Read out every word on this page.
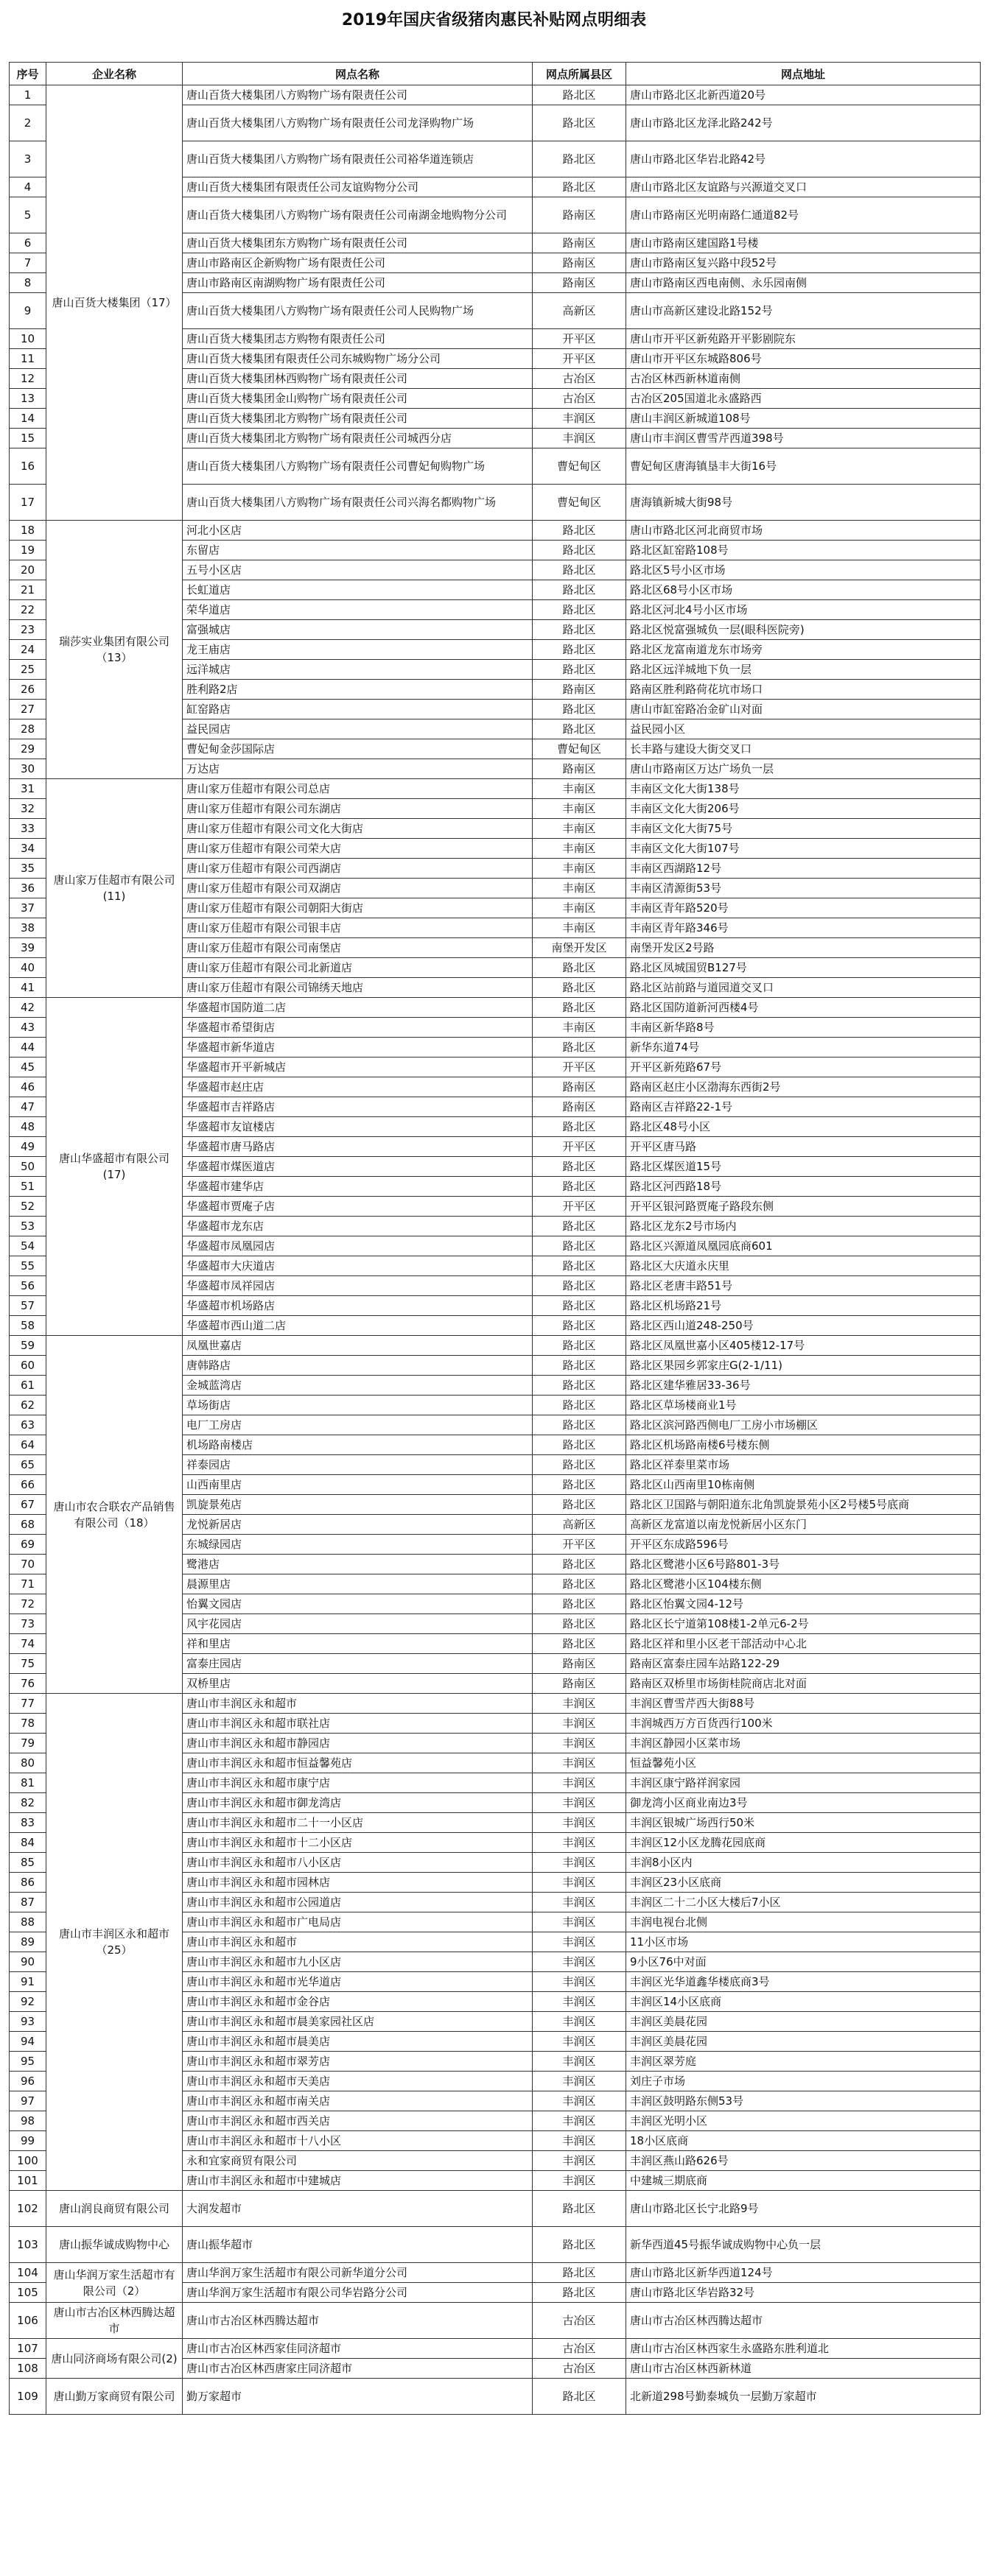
2019年国庆省级猪肉惠民补贴网点明细表
序号	企业名称	网点名称	网点所属县区	网点地址
1	唐山百货大楼集团（17）	唐山百货大楼集团八方购物广场有限责任公司	路北区	唐山市路北区北新西道20号
2		唐山百货大楼集团八方购物广场有限责任公司龙泽购物广场	路北区	唐山市路北区龙泽北路242号
3		唐山百货大楼集团八方购物广场有限责任公司裕华道连锁店	路北区	唐山市路北区华岩北路42号
4		唐山百货大楼集团有限责任公司友谊购物分公司	路北区	唐山市路北区友谊路与兴源道交叉口
5		唐山百货大楼集团八方购物广场有限责任公司南湖金地购物分公司	路南区	唐山市路南区光明南路仁通道82号
6		唐山百货大楼集团东方购物广场有限责任公司	路南区	唐山市路南区建国路1号楼
7		唐山市路南区企新购物广场有限责任公司	路南区	唐山市路南区复兴路中段52号
8		唐山市路南区南湖购物广场有限责任公司	路南区	唐山市路南区西电南侧、永乐园南侧
9		唐山百货大楼集团八方购物广场有限责任公司人民购物广场	高新区	唐山市高新区建设北路152号
10		唐山百货大楼集团志方购物有限责任公司	开平区	唐山市开平区新苑路开平影剧院东
11		唐山百货大楼集团有限责任公司东城购物广场分公司	开平区	唐山市开平区东城路806号
12		唐山百货大楼集团林西购物广场有限责任公司	古冶区	古冶区林西新林道南侧
13		唐山百货大楼集团金山购物广场有限责任公司	古冶区	古冶区205国道北永盛路西
14		唐山百货大楼集团北方购物广场有限责任公司	丰润区	唐山丰润区新城道108号
15		唐山百货大楼集团北方购物广场有限责任公司城西分店	丰润区	唐山市丰润区曹雪芹西道398号
16		唐山百货大楼集团八方购物广场有限责任公司曹妃甸购物广场	曹妃甸区	曹妃甸区唐海镇垦丰大街16号
17		唐山百货大楼集团八方购物广场有限责任公司兴海名都购物广场	曹妃甸区	唐海镇新城大街98号
18	瑞莎实业集团有限公司（13）	河北小区店	路北区	唐山市路北区河北商贸市场
19		东留店	路北区	路北区缸窑路108号
20		五号小区店	路北区	路北区5号小区市场
21		长虹道店	路北区	路北区68号小区市场
22		荣华道店	路北区	路北区河北4号小区市场
23		富强城店	路北区	路北区悦富强城负一层(眼科医院旁)
24		龙王庙店	路北区	路北区龙富南道龙东市场旁
25		远洋城店	路北区	路北区远洋城地下负一层
26		胜利路2店	路南区	路南区胜利路荷花坑市场口
27		缸窑路店	路北区	唐山市缸窑路冶金矿山对面
28		益民园店	路北区	益民园小区
29		曹妃甸金莎国际店	曹妃甸区	长丰路与建设大街交叉口
30		万达店	路南区	唐山市路南区万达广场负一层
31	唐山家万佳超市有限公司(11)	唐山家万佳超市有限公司总店	丰南区	丰南区文化大街138号
32		唐山家万佳超市有限公司东湖店	丰南区	丰南区文化大街206号
33		唐山家万佳超市有限公司文化大街店	丰南区	丰南区文化大街75号
34		唐山家万佳超市有限公司荣大店	丰南区	丰南区文化大街107号
35		唐山家万佳超市有限公司西湖店	丰南区	丰南区西湖路12号
36		唐山家万佳超市有限公司双湖店	丰南区	丰南区清源街53号
37		唐山家万佳超市有限公司朝阳大街店	丰南区	丰南区青年路520号
38		唐山家万佳超市有限公司银丰店	丰南区	丰南区青年路346号
39		唐山家万佳超市有限公司南堡店	南堡开发区	南堡开发区2号路
40		唐山家万佳超市有限公司北新道店	路北区	路北区凤城国贸B127号
41		唐山家万佳超市有限公司锦绣天地店	路北区	路北区站前路与道园道交叉口
42	唐山华盛超市有限公司(17)	华盛超市国防道二店	路北区	路北区国防道新河西楼4号
43		华盛超市希望街店	丰南区	丰南区新华路8号
44		华盛超市新华道店	路北区	新华东道74号
45		华盛超市开平新城店	开平区	开平区新苑路67号
46		华盛超市赵庄店	路南区	路南区赵庄小区渤海东西街2号
47		华盛超市吉祥路店	路南区	路南区吉祥路22-1号
48		华盛超市友谊楼店	路北区	路北区48号小区
49		华盛超市唐马路店	开平区	开平区唐马路
50		华盛超市煤医道店	路北区	路北区煤医道15号
51		华盛超市建华店	路北区	路北区河西路18号
52		华盛超市贾庵子店	开平区	开平区银河路贾庵子路段东侧
53		华盛超市龙东店	路北区	路北区龙东2号市场内
54		华盛超市凤凰园店	路北区	路北区兴源道凤凰园底商601
55		华盛超市大庆道店	路北区	路北区大庆道永庆里
56		华盛超市凤祥园店	路北区	路北区老唐丰路51号
57		华盛超市机场路店	路北区	路北区机场路21号
58		华盛超市西山道二店	路北区	路北区西山道248-250号
59	唐山市农合联农产品销售有限公司（18）	凤凰世嘉店	路北区	路北区凤凰世嘉小区405楼12-17号
60		唐韩路店	路北区	路北区果园乡郭家庄G(2-1/11)
61		金城蓝湾店	路北区	路北区建华雅居33-36号
62		草场街店	路北区	路北区草场楼商业1号
63		电厂工房店	路北区	路北区滨河路西侧电厂工房小市场棚区
64		机场路南楼店	路北区	路北区机场路南楼6号楼东侧
65		祥泰园店	路北区	路北区祥泰里菜市场
66		山西南里店	路北区	路北区山西南里10栋南侧
67		凯旋景苑店	路北区	路北区卫国路与朝阳道东北角凯旋景苑小区2号楼5号底商
68		龙悦新居店	高新区	高新区龙富道以南龙悦新居小区东门
69		东城绿园店	开平区	开平区东成路596号
70		鹭港店	路北区	路北区鹭港小区6号路801-3号
71		晨源里店	路北区	路北区鹭港小区104楼东侧
72		怡翼文园店	路北区	路北区怡翼文园4-12号
73		风宇花园店	路北区	路北区长宁道第108楼1-2单元6-2号
74		祥和里店	路北区	路北区祥和里小区老干部活动中心北
75		富泰庄园店	路南区	路南区富泰庄园车站路122-29
76		双桥里店	路南区	路南区双桥里市场街桂院商店北对面
77	唐山市丰润区永和超市（25）	唐山市丰润区永和超市	丰润区	丰润区曹雪芹西大街88号
78		唐山市丰润区永和超市联社店	丰润区	丰润城西万方百货西行100米
79		唐山市丰润区永和超市静园店	丰润区	丰润区静园小区菜市场
80		唐山市丰润区永和超市恒益馨苑店	丰润区	恒益馨苑小区
81		唐山市丰润区永和超市康宁店	丰润区	丰润区康宁路祥润家园
82		唐山市丰润区永和超市御龙湾店	丰润区	御龙湾小区商业南边3号
83		唐山市丰润区永和超市二十一小区店	丰润区	丰润区银城广场西行50米
84		唐山市丰润区永和超市十二小区店	丰润区	丰润区12小区龙腾花园底商
85		唐山市丰润区永和超市八小区店	丰润区	丰润8小区内
86		唐山市丰润区永和超市园林店	丰润区	丰润区23小区底商
87		唐山市丰润区永和超市公园道店	丰润区	丰润区二十二小区大楼后7小区
88		唐山市丰润区永和超市广电局店	丰润区	丰润电视台北侧
89		唐山市丰润区永和超市	丰润区	11小区市场
90		唐山市丰润区永和超市九小区店	丰润区	9小区76中对面
91		唐山市丰润区永和超市光华道店	丰润区	丰润区光华道鑫华楼底商3号
92		唐山市丰润区永和超市金谷店	丰润区	丰润区14小区底商
93		唐山市丰润区永和超市晨美家园社区店	丰润区	丰润区美晨花园
94		唐山市丰润区永和超市晨美店	丰润区	丰润区美晨花园
95		唐山市丰润区永和超市翠芳店	丰润区	丰润区翠芳庭
96		唐山市丰润区永和超市天美店	丰润区	刘庄子市场
97		唐山市丰润区永和超市南关店	丰润区	丰润区鼓明路东侧53号
98		唐山市丰润区永和超市西关店	丰润区	丰润区光明小区
99		唐山市丰润区永和超市十八小区	丰润区	18小区底商
100		永和宜家商贸有限公司	丰润区	丰润区燕山路626号
101		唐山市丰润区永和超市中建城店	丰润区	中建城三期底商
102	唐山润良商贸有限公司	大润发超市	路北区	唐山市路北区长宁北路9号
103	唐山振华诚成购物中心	唐山振华超市	路北区	新华西道45号振华诚成购物中心负一层
104	唐山华润万家生活超市有限公司（2）	唐山华润万家生活超市有限公司新华道分公司	路北区	唐山市路北区新华西道124号
105		唐山华润万家生活超市有限公司华岩路分公司	路北区	唐山市路北区华岩路32号
106	唐山市古冶区林西腾达超市	唐山市古冶区林西腾达超市	古冶区	唐山市古冶区林西腾达超市
107	唐山同济商场有限公司(2)	唐山市古冶区林西家佳同济超市	古冶区	唐山市古冶区林西家生永盛路东胜利道北
108		唐山市古冶区林西唐家庄同济超市	古冶区	唐山市古冶区林西新林道
109	唐山勤万家商贸有限公司	勤万家超市	路北区	北新道298号勤泰城负一层勤万家超市
